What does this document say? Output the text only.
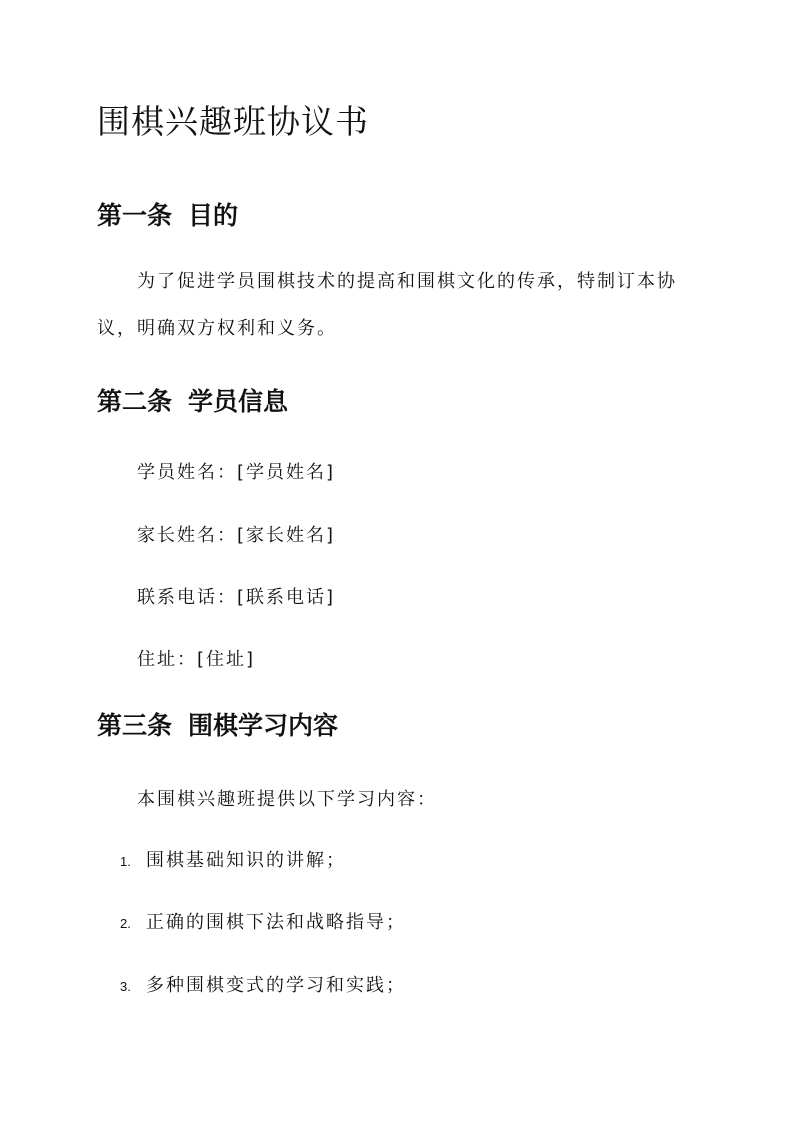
围棋兴趣班协议书
第一条 目的

为了促进学员围棋技术的提高和围棋文化的传承，特制订本协议，明确双方权利和义务。

第二条 学员信息

学员姓名：[学员姓名]

家长姓名：[家长姓名]

联系电话：[联系电话]

住址：[住址]

第三条 围棋学习内容

本围棋兴趣班提供以下学习内容：

1. 围棋基础知识的讲解；

2. 正确的围棋下法和战略指导；

3. 多种围棋变式的学习和实践；
